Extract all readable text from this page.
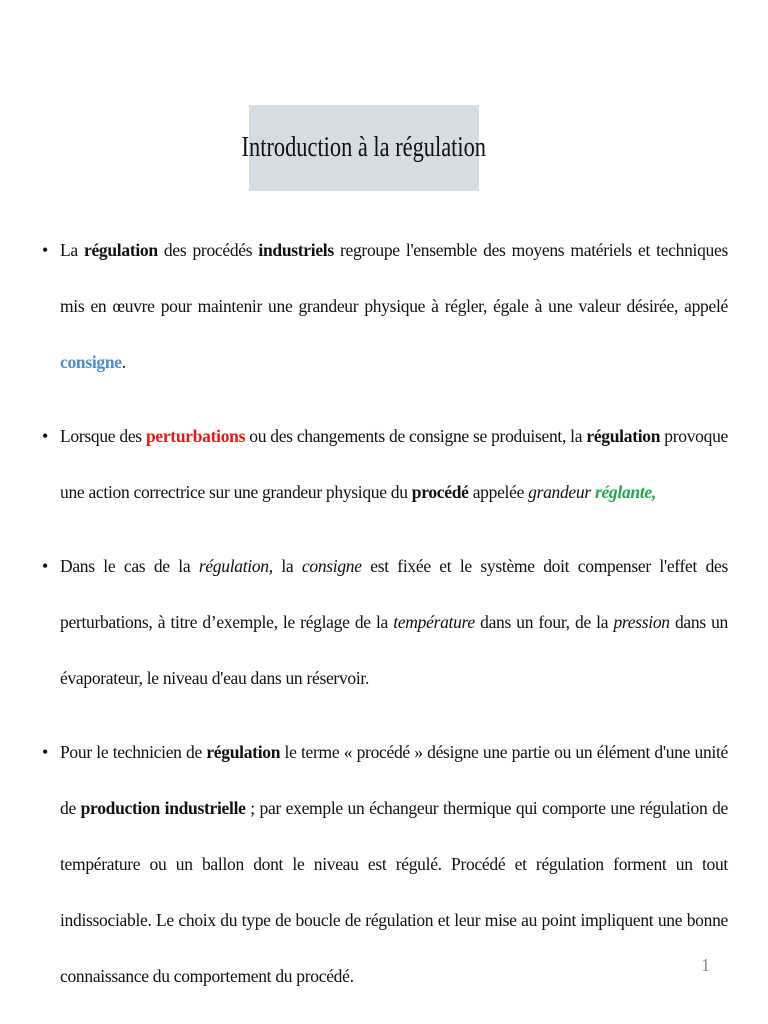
Introduction à la régulation
• La régulation des procédés industriels regroupe l'ensemble des moyens matériels et techniques mis en œuvre pour maintenir une grandeur physique à régler, égale à une valeur désirée, appelé consigne.
• Lorsque des perturbations ou des changements de consigne se produisent, la régulation provoque une action correctrice sur une grandeur physique du procédé appelée grandeur réglante,
• Dans le cas de la régulation, la consigne est fixée et le système doit compenser l'effet des perturbations, à titre d’exemple, le réglage de la température dans un four, de la pression dans un évaporateur, le niveau d'eau dans un réservoir.
• Pour le technicien de régulation le terme « procédé » désigne une partie ou un élément d'une unité de production industrielle ; par exemple un échangeur thermique qui comporte une régulation de température ou un ballon dont le niveau est régulé. Procédé et régulation forment un tout indissociable. Le choix du type de boucle de régulation et leur mise au point impliquent une bonne connaissance du comportement du procédé.
1
